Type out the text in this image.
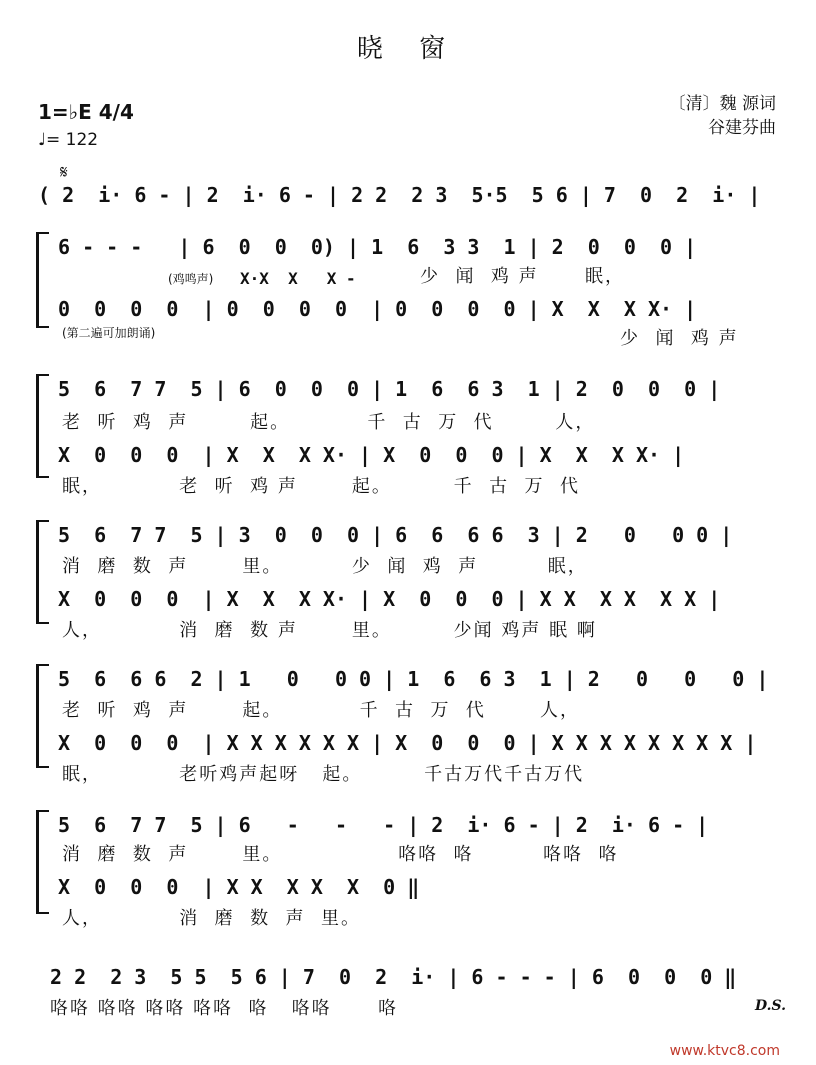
晓 窗
〔清〕魏 源词
谷建芬曲
1=♭E 4/4
♩= 122
𝄋
( 2  i· 6 - | 2  i· 6 - | 2 2  2 3  5·5  5 6 | 7  0  2  i· |
6 - - -   | 6  0  0  0) | 1  6  3 3  1 | 2  0  0  0 |
(鸡鸣声) X·X  X   X -	少  闻  鸡 声      眠，
0  0  0  0  | 0  0  0  0  | 0  0  0  0 | X  X  X X· |
(第二遍可加朗诵)	少  闻  鸡 声
5  6  7 7  5 | 6  0  0  0 | 1  6  6 3  1 | 2  0  0  0 |
老  听  鸡  声        起。          千  古  万  代        人，
X  0  0  0  | X  X  X X· | X  0  0  0 | X  X  X X· |
眠，          老  听  鸡 声       起。        千  古  万  代
5  6  7 7  5 | 3  0  0  0 | 6  6  6 6  3 | 2   0   0 0 |
消  磨  数  声       里。         少  闻  鸡  声         眠，
X  0  0  0  | X  X  X X· | X  0  0  0 | X X  X X  X X |
人，          消  磨  数 声       里。        少闻 鸡声 眠 啊
5  6  6 6  2 | 1   0   0 0 | 1  6  6 3  1 | 2   0   0   0 |
老  听  鸡  声       起。          千  古  万  代       人，
X  0  0  0  | X X X X X X | X  0  0  0 | X X X X X X X X |
眠，          老听鸡声起呀   起。        千古万代千古万代
5  6  7 7  5 | 6   -   -   - | 2  i· 6 - | 2  i· 6 - |
消  磨  数  声       里。               咯咯  咯         咯咯  咯
X  0  0  0  | X X  X X  X  0 ‖
人，          消  磨  数  声  里。
2 2  2 3  5 5  5 6 | 7  0  2  i· | 6 - - - | 6  0  0  0 ‖
咯咯 咯咯 咯咯 咯咯  咯   咯咯      咯	D.S.
www.ktvc8.com
